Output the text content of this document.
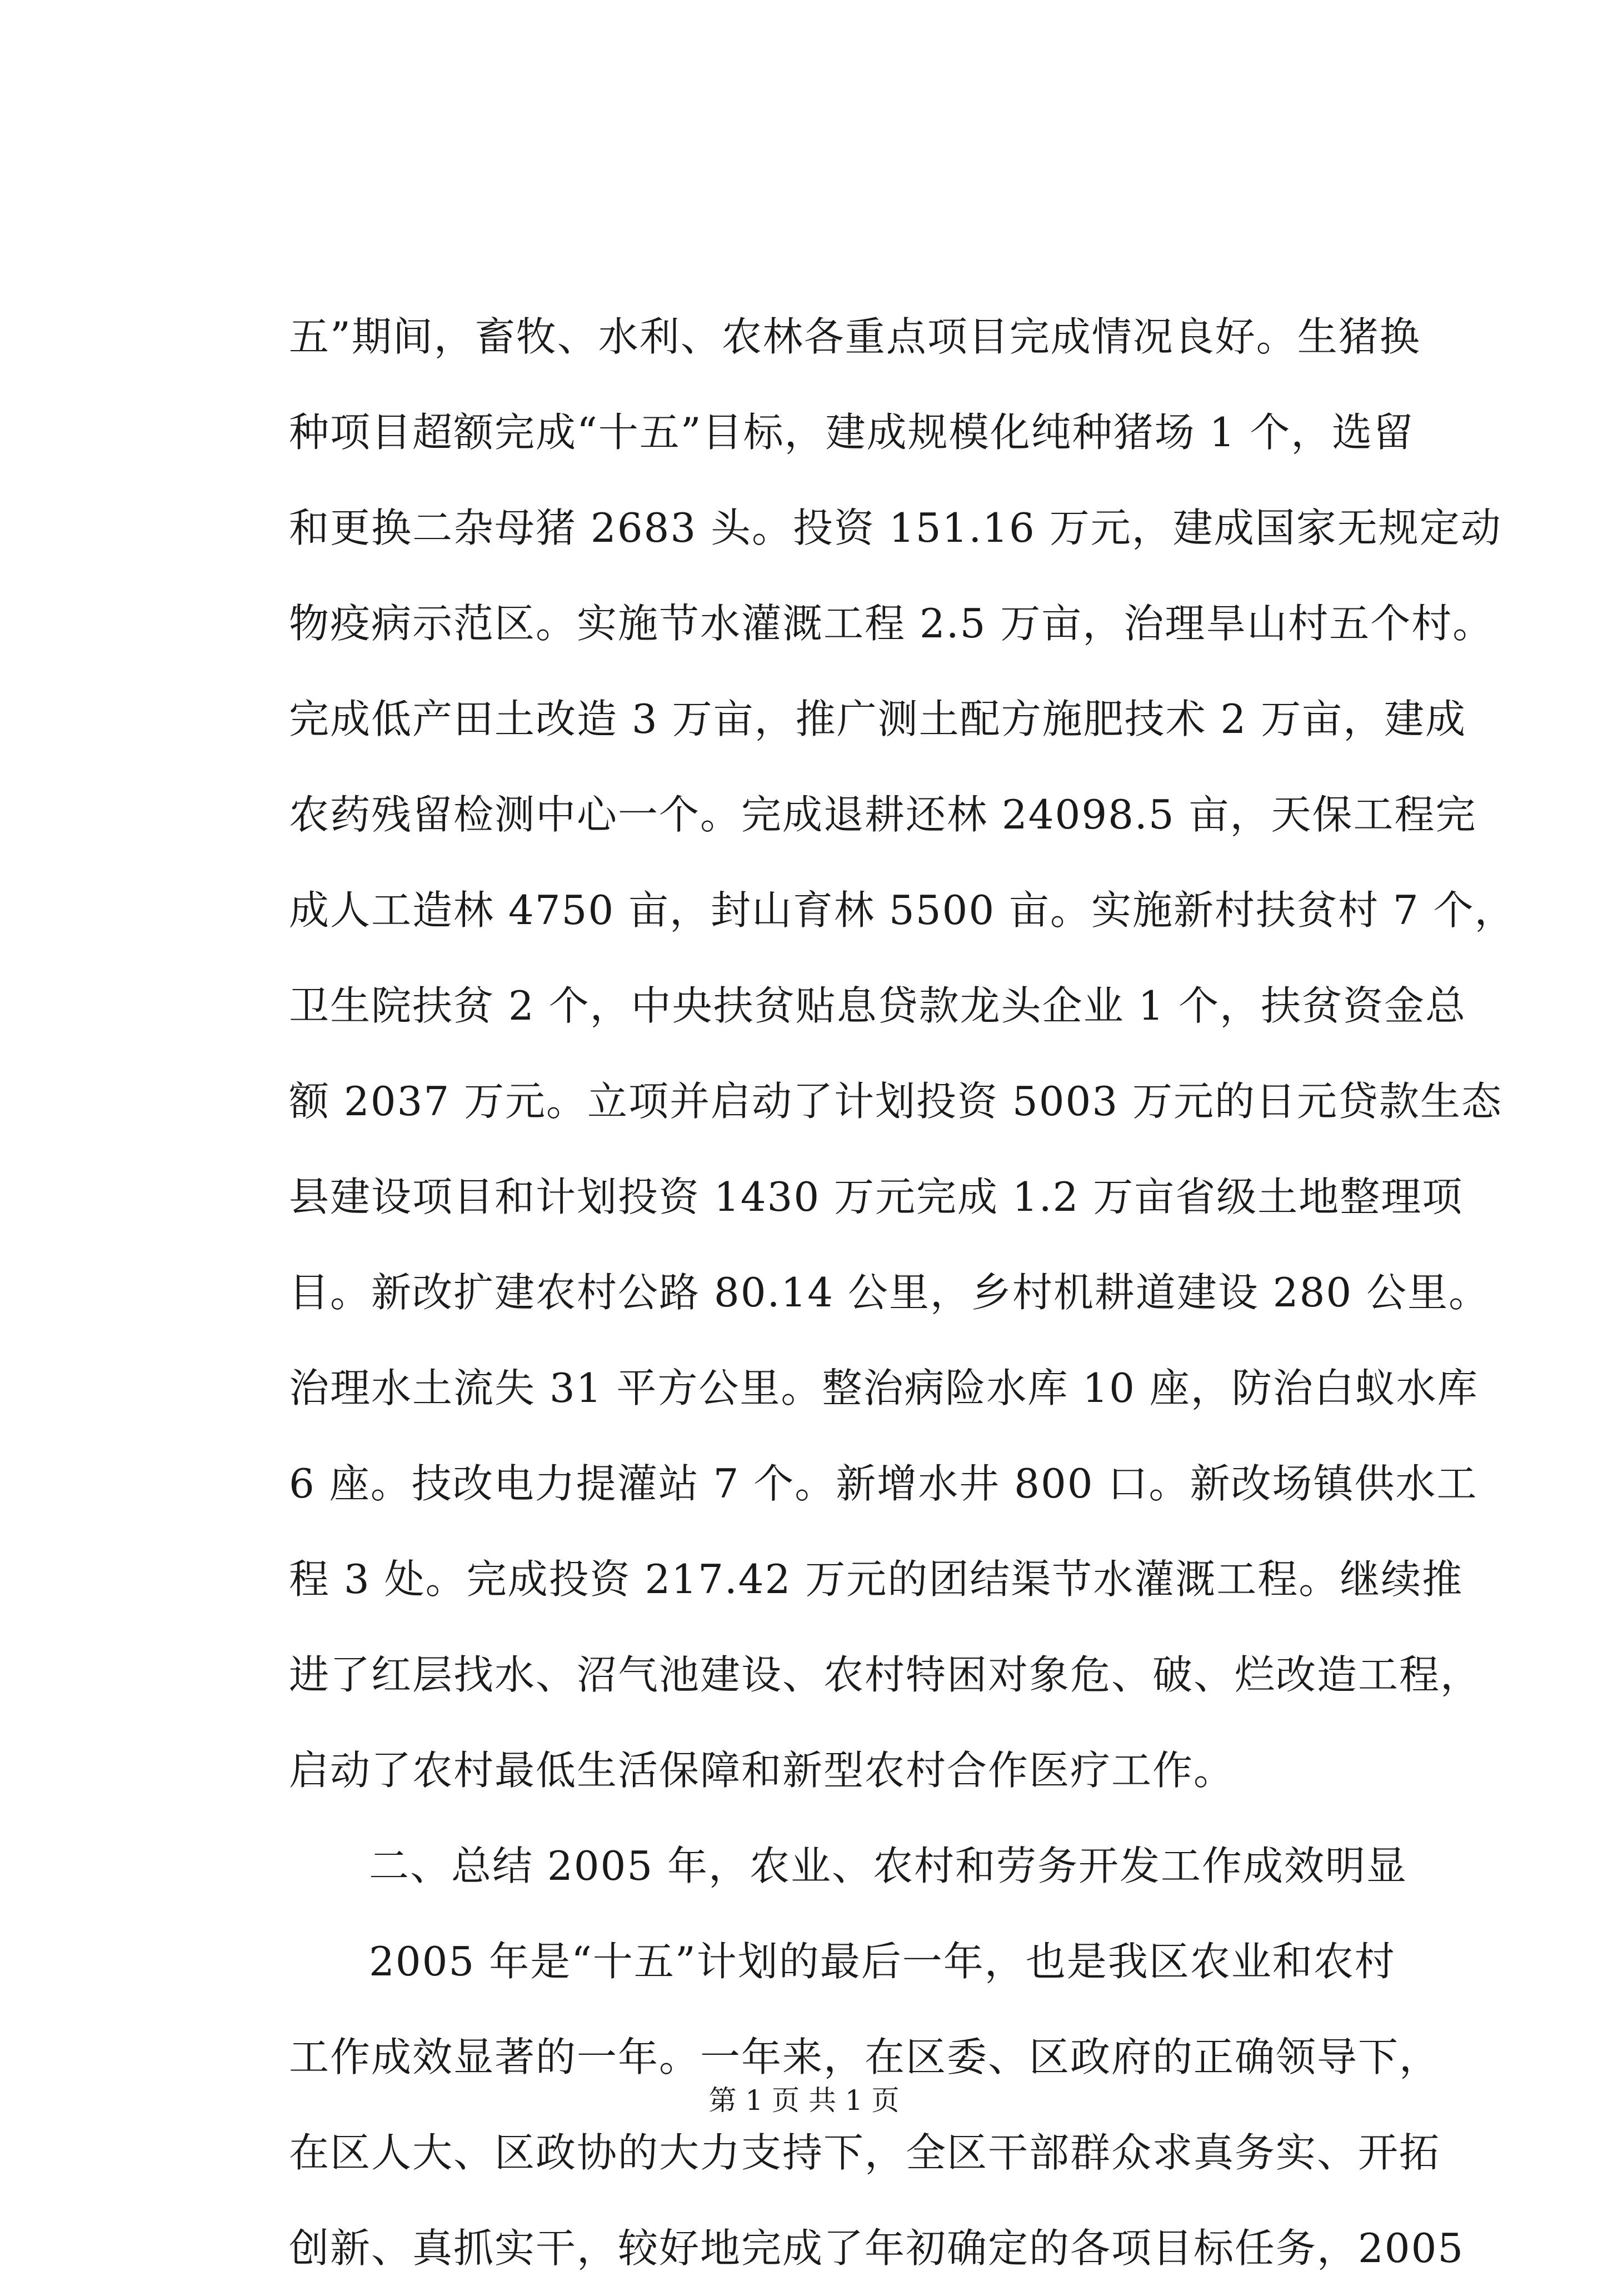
五”期间，畜牧、水利、农林各重点项目完成情况良好。生猪换
种项目超额完成“十五”目标，建成规模化纯种猪场 1 个，选留
和更换二杂母猪 2683 头。投资 151.16 万元，建成国家无规定动
物疫病示范区。实施节水灌溉工程 2.5 万亩，治理旱山村五个村。
完成低产田土改造 3 万亩，推广测土配方施肥技术 2 万亩，建成
农药残留检测中心一个。完成退耕还林 24098.5 亩，天保工程完
成人工造林 4750 亩，封山育林 5500 亩。实施新村扶贫村 7 个，
卫生院扶贫 2 个，中央扶贫贴息贷款龙头企业 1 个，扶贫资金总
额 2037 万元。立项并启动了计划投资 5003 万元的日元贷款生态
县建设项目和计划投资 1430 万元完成 1.2 万亩省级土地整理项
目。新改扩建农村公路 80.14 公里，乡村机耕道建设 280 公里。
治理水土流失 31 平方公里。整治病险水库 10 座，防治白蚁水库
6 座。技改电力提灌站 7 个。新增水井 800 口。新改场镇供水工
程 3 处。完成投资 217.42 万元的团结渠节水灌溉工程。继续推
进了红层找水、沼气池建设、农村特困对象危、破、烂改造工程，
启动了农村最低生活保障和新型农村合作医疗工作。
二、总结 2005 年，农业、农村和劳务开发工作成效明显
2005 年是“十五”计划的最后一年，也是我区农业和农村
工作成效显著的一年。一年来，在区委、区政府的正确领导下，
在区人大、区政协的大力支持下，全区干部群众求真务实、开拓
创新、真抓实干，较好地完成了年初确定的各项目标任务，2005
第 1 页 共 1 页
